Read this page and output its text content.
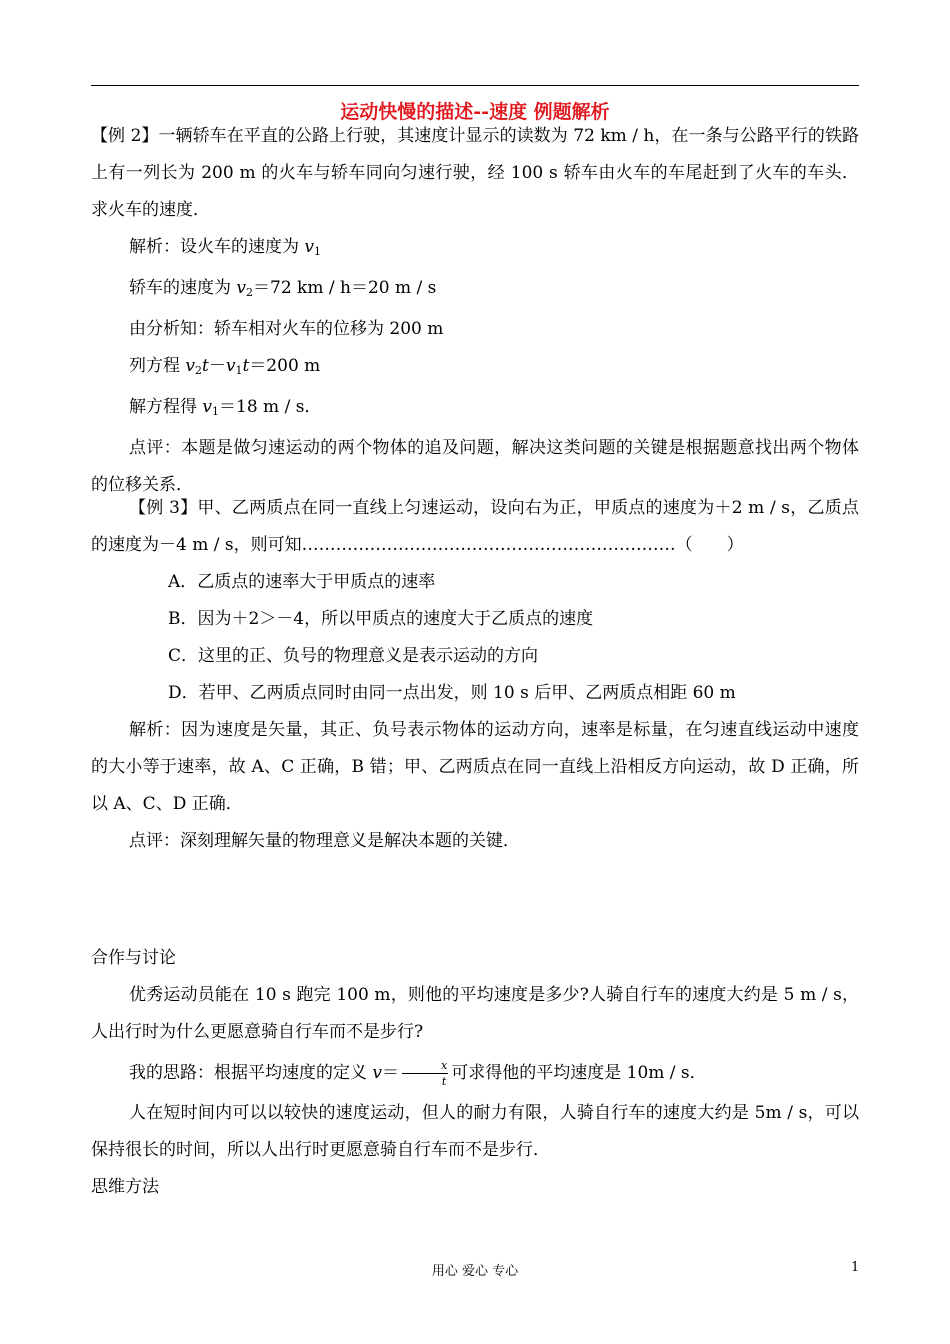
运动快慢的描述--速度 例题解析

【例 2】一辆轿车在平直的公路上行驶，其速度计显示的读数为 72 km / h，在一条与公路平行的铁路上有一列长为 200 m 的火车与轿车同向匀速行驶，经 100 s 轿车由火车的车尾赶到了火车的车头．求火车的速度．

解析：设火车的速度为 $v_1$

轿车的速度为 $v_2=72$ km / h＝20 m / s

由分析知：轿车相对火车的位移为 200 m

列方程 $v_2t-v_1t=200$ m

解方程得 $v_1=18$ m / s．

点评：本题是做匀速运动的两个物体的追及问题，解决这类问题的关键是根据题意找出两个物体的位移关系．

【例 3】甲、乙两质点在同一直线上匀速运动，设向右为正，甲质点的速度为＋2 m / s，乙质点的速度为－4 m / s，则可知…………………………………………………………（　　）

A．乙质点的速率大于甲质点的速率

B．因为＋2＞－4，所以甲质点的速度大于乙质点的速度

C．这里的正、负号的物理意义是表示运动的方向

D．若甲、乙两质点同时由同一点出发，则 10 s 后甲、乙两质点相距 60 m

解析：因为速度是矢量，其正、负号表示物体的运动方向，速率是标量，在匀速直线运动中速度的大小等于速率，故 A、C 正确，B 错；甲、乙两质点在同一直线上沿相反方向运动，故 D 正确，所以 A、C、D 正确．

点评：深刻理解矢量的物理意义是解决本题的关键．

合作与讨论

优秀运动员能在 10 s 跑完 100 m，则他的平均速度是多少?人骑自行车的速度大约是 5 m / s，人出行时为什么更愿意骑自行车而不是步行?

我的思路：根据平均速度的定义 $v= \frac{x}{t}$ 可求得他的平均速度是 10m / s．

人在短时间内可以以较快的速度运动，但人的耐力有限，人骑自行车的速度大约是 5m / s，可以保持很长的时间，所以人出行时更愿意骑自行车而不是步行．

思维方法

用心 爱心 专心	1
